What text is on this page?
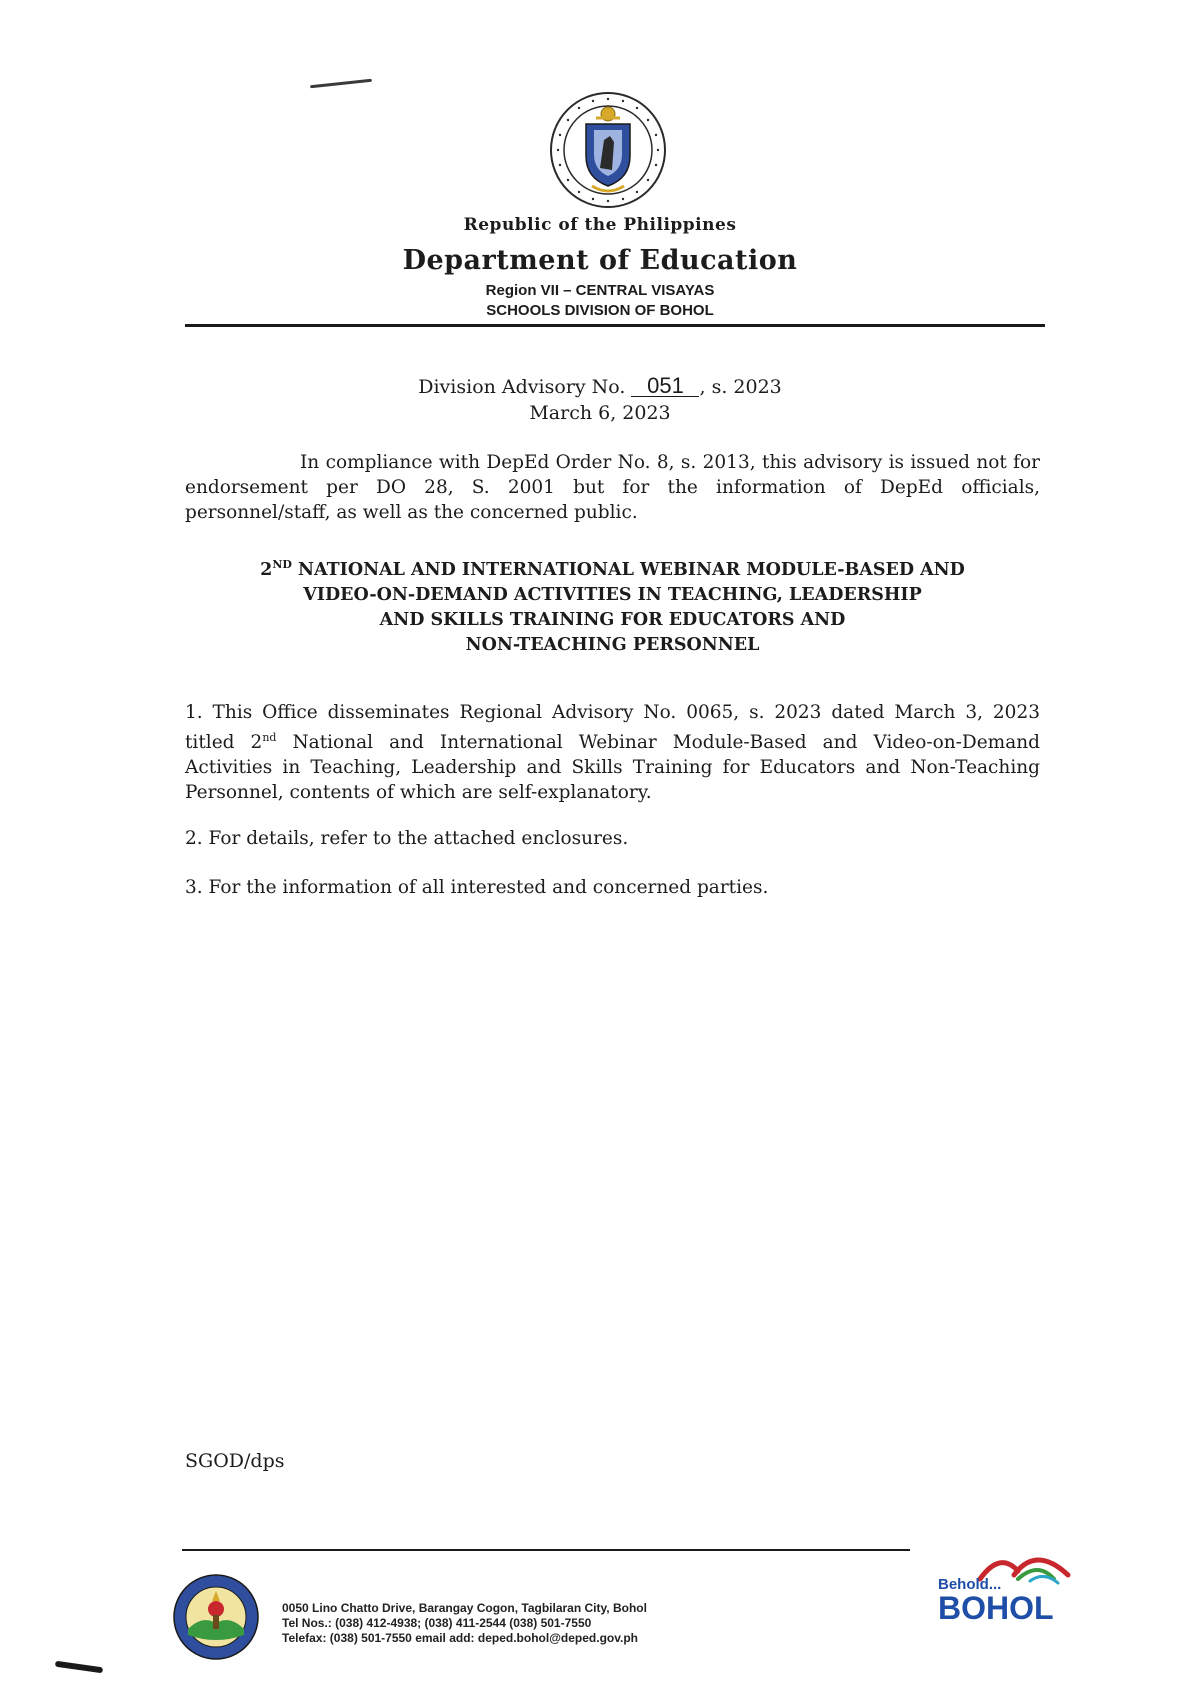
Republic of the Philippines
Department of Education
Region VII – CENTRAL VISAYAS
SCHOOLS DIVISION OF BOHOL
Division Advisory No. 051 , s. 2023
March 6, 2023
In compliance with DepEd Order No. 8, s. 2013, this advisory is issued not for endorsement per DO 28, S. 2001 but for the information of DepEd officials, personnel/staff, as well as the concerned public.
2ND NATIONAL AND INTERNATIONAL WEBINAR MODULE-BASED AND
VIDEO-ON-DEMAND ACTIVITIES IN TEACHING, LEADERSHIP
AND SKILLS TRAINING FOR EDUCATORS AND
NON-TEACHING PERSONNEL
1. This Office disseminates Regional Advisory No. 0065, s. 2023 dated March 3, 2023 titled 2nd National and International Webinar Module-Based and Video-on-Demand Activities in Teaching, Leadership and Skills Training for Educators and Non-Teaching Personnel, contents of which are self-explanatory.
2. For details, refer to the attached enclosures.
3. For the information of all interested and concerned parties.
SGOD/dps
0050 Lino Chatto Drive, Barangay Cogon, Tagbilaran City, Bohol
Tel Nos.: (038) 412-4938; (038) 411-2544 (038) 501-7550
Telefax: (038) 501-7550 email add: deped.bohol@deped.gov.ph
Behold...
BOHOL
